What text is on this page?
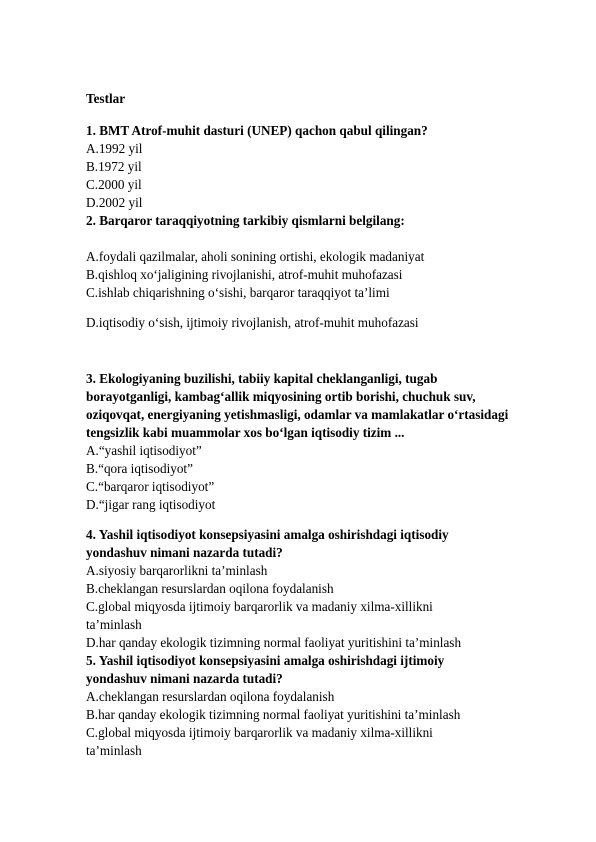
Testlar
1. BMT Atrof-muhit dasturi (UNEP) qachon qabul qilingan?
A.1992 yil
B.1972 yil
C.2000 yil
D.2002 yil
2. Barqaror taraqqiyotning tarkibiy qismlarni belgilang:
A.foydali qazilmalar, aholi sonining ortishi, ekologik madaniyat
B.qishloq xo‘jaligining rivojlanishi, atrof-muhit muhofazasi
C.ishlab chiqarishning o‘sishi, barqaror taraqqiyot ta’limi
D.iqtisodiy o‘sish, ijtimoiy rivojlanish, atrof-muhit muhofazasi
3. Ekologiyaning buzilishi, tabiiy kapital cheklanganligi, tugab
borayotganligi, kambag‘allik miqyosining ortib borishi, chuchuk suv,
oziqovqat, energiyaning yetishmasligi, odamlar va mamlakatlar o‘rtasidagi
tengsizlik kabi muammolar xos bo‘lgan iqtisodiy tizim ...
A.“yashil iqtisodiyot”
B.“qora iqtisodiyot”
C.“barqaror iqtisodiyot”
D.“jigar rang iqtisodiyot
4. Yashil iqtisodiyot konsepsiyasini amalga oshirishdagi iqtisodiy
yondashuv nimani nazarda tutadi?
A.siyosiy barqarorlikni ta’minlash
B.cheklangan resurslardan oqilona foydalanish
C.global miqyosda ijtimoiy barqarorlik va madaniy xilma-xillikni
ta’minlash
D.har qanday ekologik tizimning normal faoliyat yuritishini ta’minlash
5. Yashil iqtisodiyot konsepsiyasini amalga oshirishdagi ijtimoiy
yondashuv nimani nazarda tutadi?
A.cheklangan resurslardan oqilona foydalanish
B.har qanday ekologik tizimning normal faoliyat yuritishini ta’minlash
C.global miqyosda ijtimoiy barqarorlik va madaniy xilma-xillikni
ta’minlash
